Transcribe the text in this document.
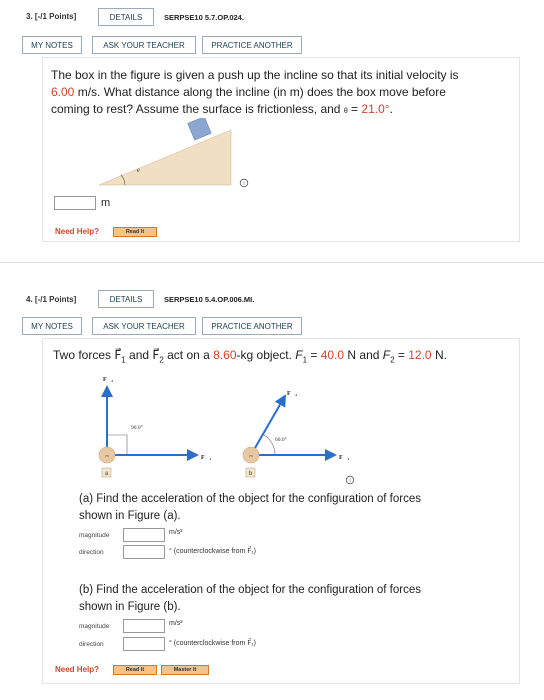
3. [-/1 Points]	DETAILS	SERPSE10 5.7.OP.024.
MY NOTES	ASK YOUR TEACHER	PRACTICE ANOTHER
The box in the figure is given a push up the incline so that its initial velocity is
6.00 m/s. What distance along the incline (in m) does the box move before
coming to rest? Assume the surface is frictionless, and θ = 21.0°.
θ
i
m
Need Help?	Read It
4. [-/1 Points]	DETAILS	SERPSE10 5.4.OP.006.MI.
MY NOTES	ASK YOUR TEACHER	PRACTICE ANOTHER
Two forces $F⃗_1$ and $F⃗_2$ act on a 8.60-kg object. $F_1 = 40.0$ N and $F_2 = 12.0$ N.
90.0°
m
F⃗₂
F⃗₁
a
60.0°
m
F⃗₂
F⃗₁
b
i
(a) Find the acceleration of the object for the configuration of forces
shown in Figure (a).
magnitude	m/s²
direction	° (counterclockwise from F⃗₁)
(b) Find the acceleration of the object for the configuration of forces
shown in Figure (b).
magnitude	m/s²
direction	° (counterclockwise from F⃗₁)
Need Help?	Read It	Master It
